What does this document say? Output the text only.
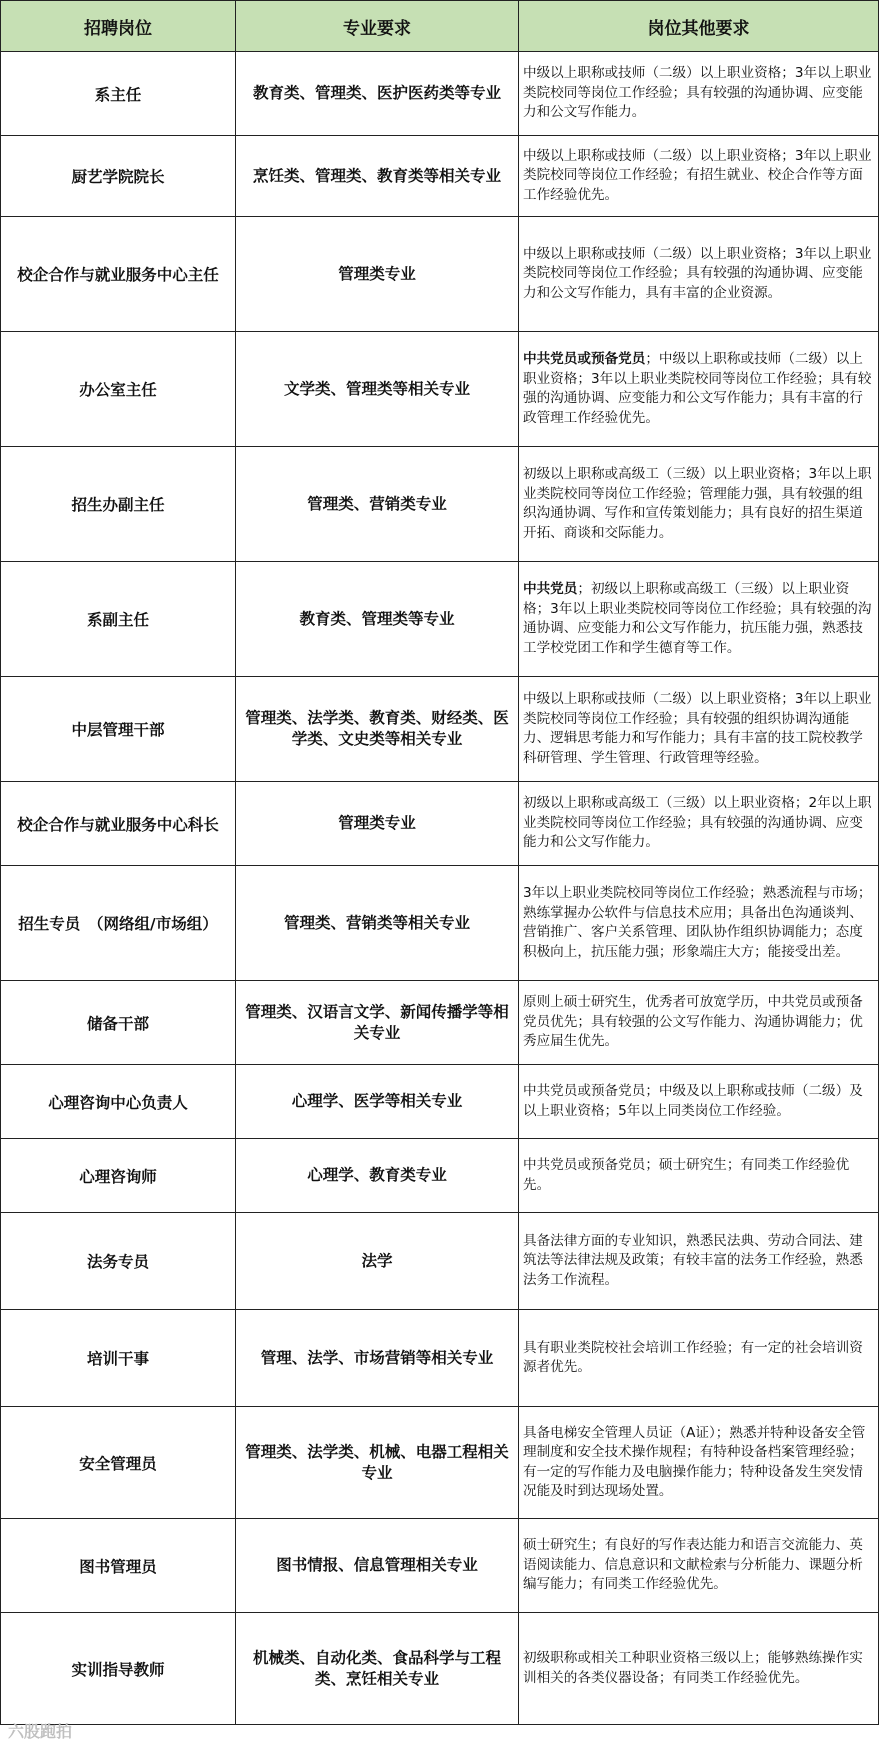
招聘岗位	专业要求	岗位其他要求
系主任	教育类、管理类、医护医药类等专业	中级以上职称或技师（二级）以上职业资格；3年以上职业类院校同等岗位工作经验；具有较强的沟通协调、应变能力和公文写作能力。
厨艺学院院长	烹饪类、管理类、教育类等相关专业	中级以上职称或技师（二级）以上职业资格；3年以上职业类院校同等岗位工作经验；有招生就业、校企合作等方面工作经验优先。
校企合作与就业服务中心主任	管理类专业	中级以上职称或技师（二级）以上职业资格；3年以上职业类院校同等岗位工作经验；具有较强的沟通协调、应变能力和公文写作能力，具有丰富的企业资源。
办公室主任	文学类、管理类等相关专业	中共党员或预备党员；中级以上职称或技师（二级）以上职业资格；3年以上职业类院校同等岗位工作经验；具有较强的沟通协调、应变能力和公文写作能力；具有丰富的行政管理工作经验优先。
招生办副主任	管理类、营销类专业	初级以上职称或高级工（三级）以上职业资格；3年以上职业类院校同等岗位工作经验；管理能力强，具有较强的组织沟通协调、写作和宣传策划能力；具有良好的招生渠道开拓、商谈和交际能力。
系副主任	教育类、管理类等专业	中共党员；初级以上职称或高级工（三级）以上职业资格；3年以上职业类院校同等岗位工作经验；具有较强的沟通协调、应变能力和公文写作能力，抗压能力强，熟悉技工学校党团工作和学生德育等工作。
中层管理干部	管理类、法学类、教育类、财经类、医学类、文史类等相关专业	中级以上职称或技师（二级）以上职业资格；3年以上职业类院校同等岗位工作经验；具有较强的组织协调沟通能力、逻辑思考能力和写作能力；具有丰富的技工院校教学科研管理、学生管理、行政管理等经验。
校企合作与就业服务中心科长	管理类专业	初级以上职称或高级工（三级）以上职业资格；2年以上职业类院校同等岗位工作经验；具有较强的沟通协调、应变能力和公文写作能力。
招生专员　（网络组/市场组）	管理类、营销类等相关专业	3年以上职业类院校同等岗位工作经验；熟悉流程与市场；熟练掌握办公软件与信息技术应用；具备出色沟通谈判、营销推广、客户关系管理、团队协作组织协调能力；态度积极向上，抗压能力强；形象端庄大方；能接受出差。
储备干部	管理类、汉语言文学、新闻传播学等相关专业	原则上硕士研究生，优秀者可放宽学历，中共党员或预备党员优先；具有较强的公文写作能力、沟通协调能力；优秀应届生优先。
心理咨询中心负责人	心理学、医学等相关专业	中共党员或预备党员；中级及以上职称或技师（二级）及以上职业资格；5年以上同类岗位工作经验。
心理咨询师	心理学、教育类专业	中共党员或预备党员；硕士研究生；有同类工作经验优先。
法务专员	法学	具备法律方面的专业知识，熟悉民法典、劳动合同法、建筑法等法律法规及政策；有较丰富的法务工作经验，熟悉法务工作流程。
培训干事	管理、法学、市场营销等相关专业	具有职业类院校社会培训工作经验；有一定的社会培训资源者优先。
安全管理员	管理类、法学类、机械、电器工程相关专业	具备电梯安全管理人员证（A证）；熟悉并特种设备安全管理制度和安全技术操作规程；有特种设备档案管理经验；有一定的写作能力及电脑操作能力；特种设备发生突发情况能及时到达现场处置。
图书管理员	图书情报、信息管理相关专业	硕士研究生；有良好的写作表达能力和语言交流能力、英语阅读能力、信息意识和文献检索与分析能力、课题分析编写能力；有同类工作经验优先。
实训指导教师	机械类、自动化类、食品科学与工程类、烹饪相关专业	初级职称或相关工种职业资格三级以上；能够熟练操作实训相关的各类仪器设备；有同类工作经验优先。
六股跑拍
